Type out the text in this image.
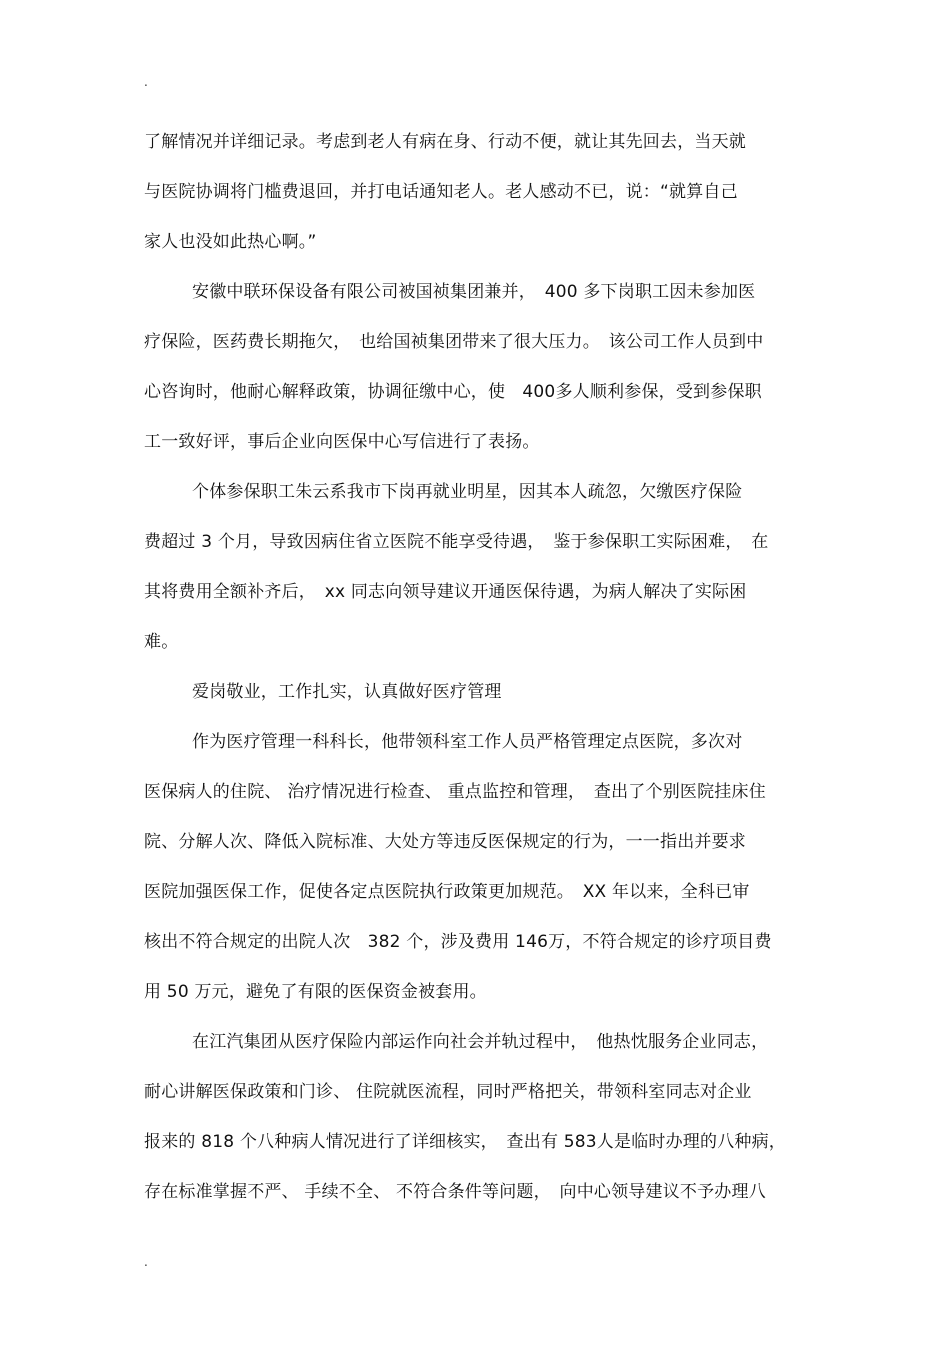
.
了解情况并详细记录。考虑到老人有病在身、行动不便，就让其先回去，当天就
与医院协调将门槛费退回，并打电话通知老人。老人感动不已，说：“就算自己
家人也没如此热心啊。”
安徽中联环保设备有限公司被国祯集团兼并，　400 多下岗职工因未参加医
疗保险，医药费长期拖欠，　也给国祯集团带来了很大压力。　该公司工作人员到中
心咨询时，他耐心解释政策，协调征缴中心，使　400多人顺利参保，受到参保职
工一致好评，事后企业向医保中心写信进行了表扬。
个体参保职工朱云系我市下岗再就业明星，因其本人疏忽，欠缴医疗保险
费超过 3 个月，导致因病住省立医院不能享受待遇，　鉴于参保职工实际困难，　在
其将费用全额补齐后，　xx 同志向领导建议开通医保待遇，为病人解决了实际困
难。
爱岗敬业，工作扎实，认真做好医疗管理
作为医疗管理一科科长，他带领科室工作人员严格管理定点医院，多次对
医保病人的住院、 治疗情况进行检查、 重点监控和管理，　查出了个别医院挂床住
院、分解人次、降低入院标准、大处方等违反医保规定的行为，一一指出并要求
医院加强医保工作，促使各定点医院执行政策更加规范。　XX 年以来，全科已审
核出不符合规定的出院人次　382 个，涉及费用 146万，不符合规定的诊疗项目费
用 50 万元，避免了有限的医保资金被套用。
在江汽集团从医疗保险内部运作向社会并轨过程中，　他热忱服务企业同志，
耐心讲解医保政策和门诊、 住院就医流程，同时严格把关，带领科室同志对企业
报来的 818 个八种病人情况进行了详细核实，　查出有 583人是临时办理的八种病，
存在标准掌握不严、 手续不全、 不符合条件等问题，　向中心领导建议不予办理八
.
